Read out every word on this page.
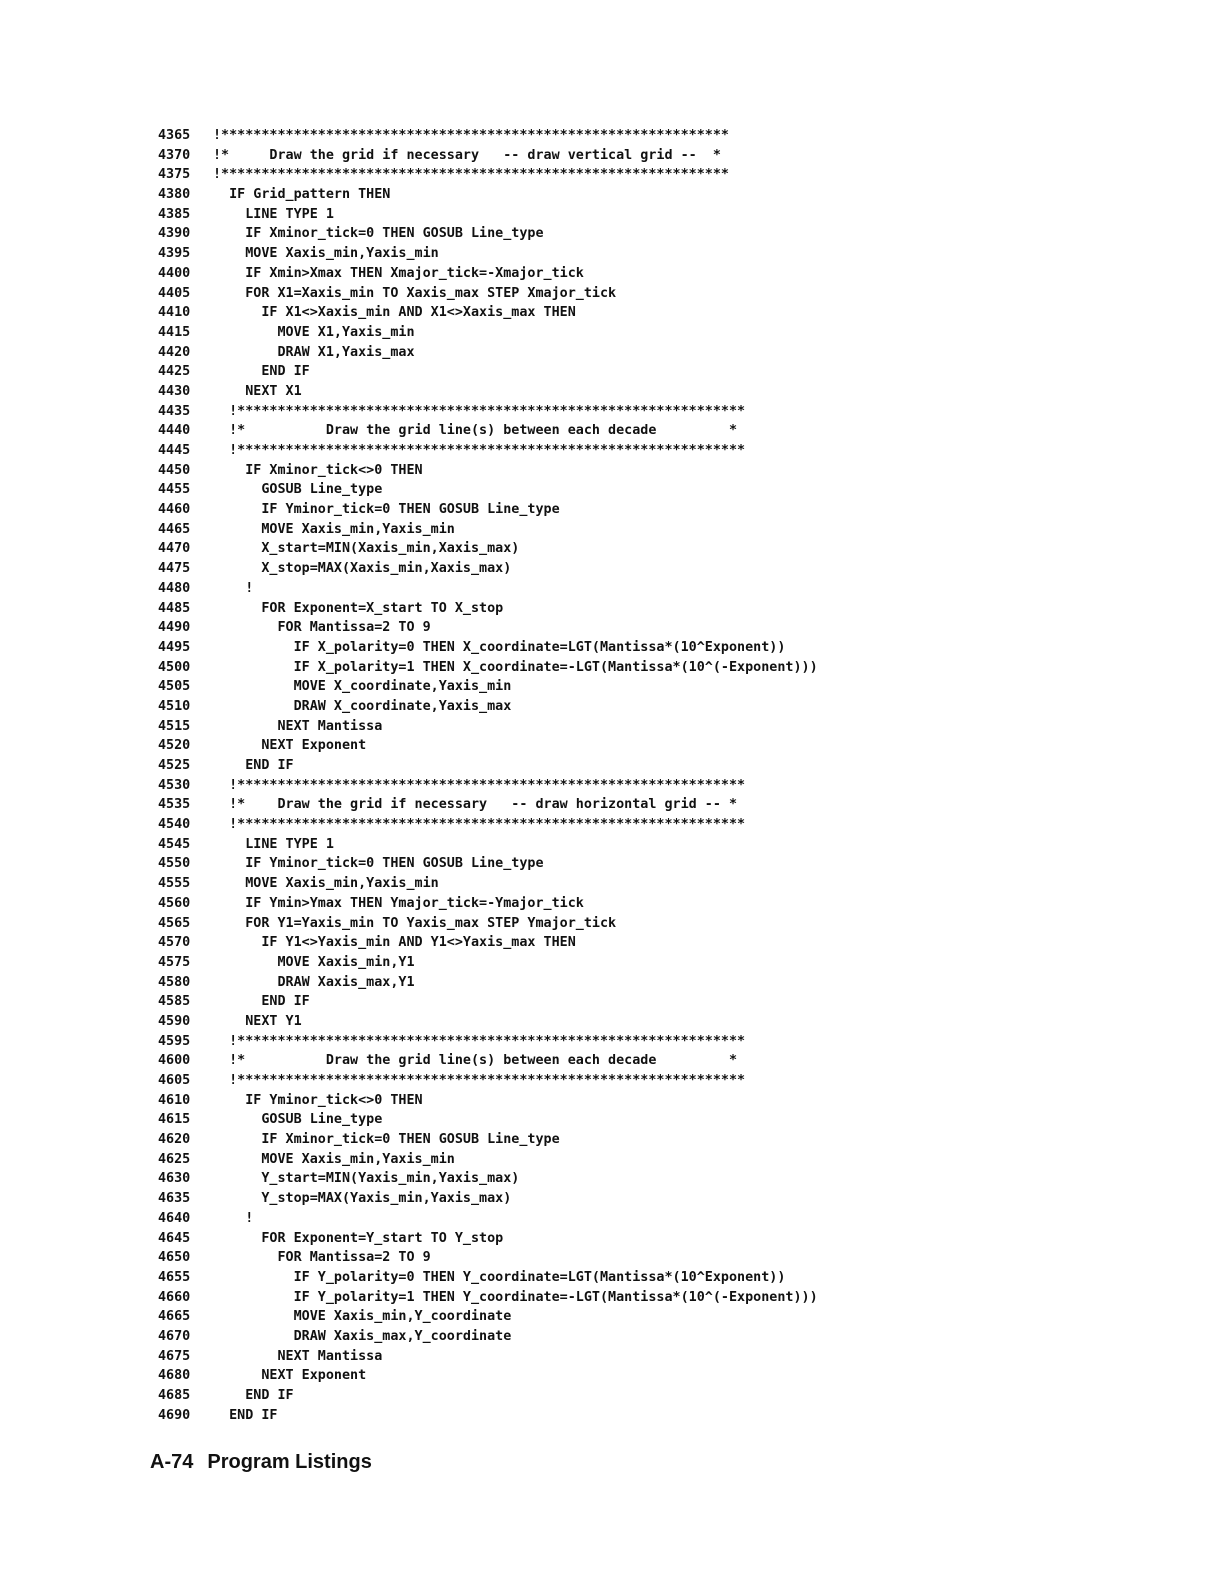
4365	!***************************************************************
4370	!*     Draw the grid if necessary   -- draw vertical grid --  *
4375	!***************************************************************
4380	IF Grid_pattern THEN
4385	LINE TYPE 1
4390	IF Xminor_tick=0 THEN GOSUB Line_type
4395	MOVE Xaxis_min,Yaxis_min
4400	IF Xmin>Xmax THEN Xmajor_tick=-Xmajor_tick
4405	FOR X1=Xaxis_min TO Xaxis_max STEP Xmajor_tick
4410	IF X1<>Xaxis_min AND X1<>Xaxis_max THEN
4415	MOVE X1,Yaxis_min
4420	DRAW X1,Yaxis_max
4425	END IF
4430	NEXT X1
4435	!***************************************************************
4440	!*          Draw the grid line(s) between each decade         *
4445	!***************************************************************
4450	IF Xminor_tick<>0 THEN
4455	GOSUB Line_type
4460	IF Yminor_tick=0 THEN GOSUB Line_type
4465	MOVE Xaxis_min,Yaxis_min
4470	X_start=MIN(Xaxis_min,Xaxis_max)
4475	X_stop=MAX(Xaxis_min,Xaxis_max)
4480	!
4485	FOR Exponent=X_start TO X_stop
4490	FOR Mantissa=2 TO 9
4495	IF X_polarity=0 THEN X_coordinate=LGT(Mantissa*(10^Exponent))
4500	IF X_polarity=1 THEN X_coordinate=-LGT(Mantissa*(10^(-Exponent)))
4505	MOVE X_coordinate,Yaxis_min
4510	DRAW X_coordinate,Yaxis_max
4515	NEXT Mantissa
4520	NEXT Exponent
4525	END IF
4530	!***************************************************************
4535	!*    Draw the grid if necessary   -- draw horizontal grid -- *
4540	!***************************************************************
4545	LINE TYPE 1
4550	IF Yminor_tick=0 THEN GOSUB Line_type
4555	MOVE Xaxis_min,Yaxis_min
4560	IF Ymin>Ymax THEN Ymajor_tick=-Ymajor_tick
4565	FOR Y1=Yaxis_min TO Yaxis_max STEP Ymajor_tick
4570	IF Y1<>Yaxis_min AND Y1<>Yaxis_max THEN
4575	MOVE Xaxis_min,Y1
4580	DRAW Xaxis_max,Y1
4585	END IF
4590	NEXT Y1
4595	!***************************************************************
4600	!*          Draw the grid line(s) between each decade         *
4605	!***************************************************************
4610	IF Yminor_tick<>0 THEN
4615	GOSUB Line_type
4620	IF Xminor_tick=0 THEN GOSUB Line_type
4625	MOVE Xaxis_min,Yaxis_min
4630	Y_start=MIN(Yaxis_min,Yaxis_max)
4635	Y_stop=MAX(Yaxis_min,Yaxis_max)
4640	!
4645	FOR Exponent=Y_start TO Y_stop
4650	FOR Mantissa=2 TO 9
4655	IF Y_polarity=0 THEN Y_coordinate=LGT(Mantissa*(10^Exponent))
4660	IF Y_polarity=1 THEN Y_coordinate=-LGT(Mantissa*(10^(-Exponent)))
4665	MOVE Xaxis_min,Y_coordinate
4670	DRAW Xaxis_max,Y_coordinate
4675	NEXT Mantissa
4680	NEXT Exponent
4685	END IF
4690	END IF
A-74 Program Listings
